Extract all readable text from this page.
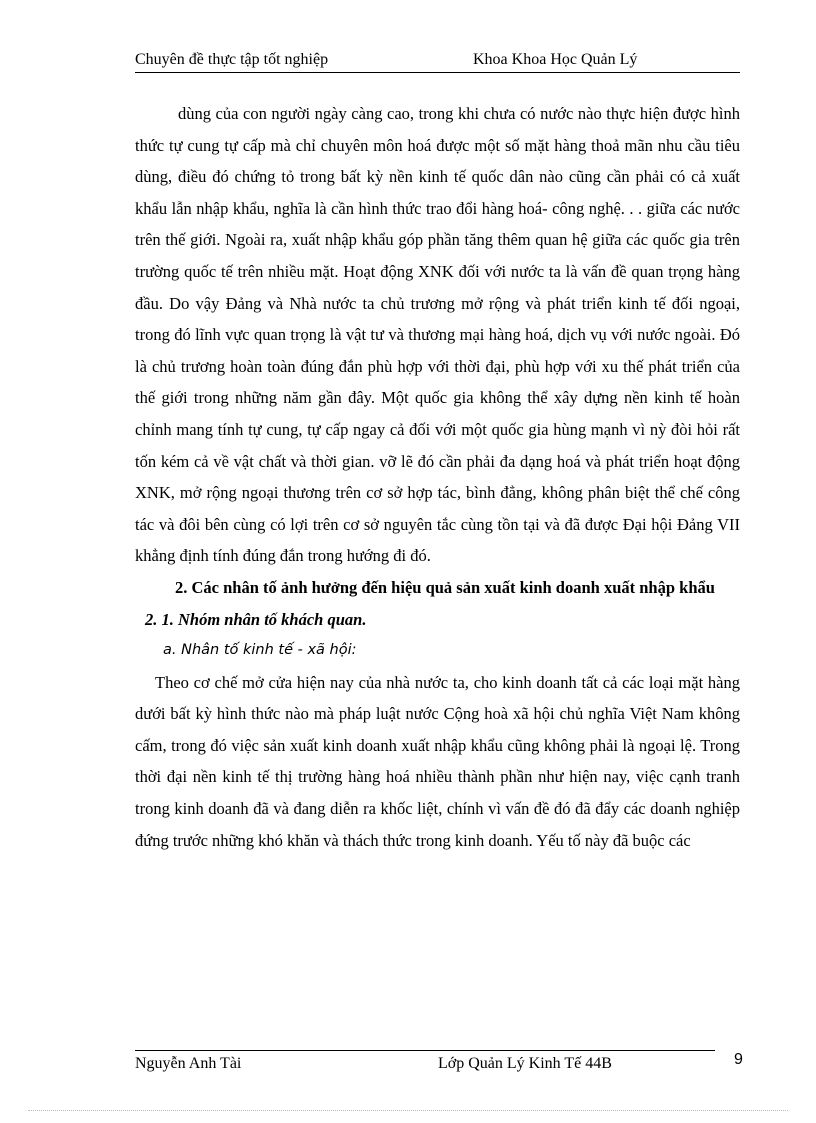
Chuyên đề thực tập tốt nghiệp	Khoa Khoa Học Quản Lý

dùng của con người ngày càng cao, trong khi chưa có nước nào thực hiện được hình thức tự cung tự cấp mà chỉ chuyên môn hoá được một số mặt hàng thoả mãn nhu cầu tiêu dùng, điều đó chứng tỏ trong bất kỳ nền kinh tế quốc dân nào cũng cần phải có cả xuất khẩu lẫn nhập khẩu, nghĩa là cần hình thức trao đổi hàng hoá- công nghệ. . . giữa các nước trên thế giới. Ngoài ra, xuất nhập khẩu góp phần tăng thêm quan hệ giữa các quốc gia trên trường quốc tế trên nhiều mặt. Hoạt động XNK đối với nước ta là vấn đề quan trọng hàng đầu. Do vậy Đảng và Nhà nước ta chủ trương mở rộng và phát triển kinh tế đối ngoại, trong đó lĩnh vực quan trọng là vật tư và thương mại hàng hoá, dịch vụ với nước ngoài. Đó là chủ trương hoàn toàn đúng đắn phù hợp với thời đại, phù hợp với xu thế phát triển của thế giới trong những năm gần đây. Một quốc gia không thể xây dựng nền kinh tế hoàn chỉnh mang tính tự cung, tự cấp ngay cả đối với một quốc gia hùng mạnh vì nỳ đòi hỏi rất tốn kém cả về vật chất và thời gian. vỡ lẽ đó cần phải đa dạng hoá và phát triển hoạt động XNK, mở rộng ngoại thương trên cơ sở hợp tác, bình đẳng, không phân biệt thể chế công tác và đôi bên cùng có lợi trên cơ sở nguyên tắc cùng tồn tại và đã được Đại hội Đảng VII khẳng định tính đúng đắn trong hướng đi đó.

2. Các nhân tố ảnh hưởng đến hiệu quả sản xuất kinh doanh xuất nhập khẩu

2. 1. Nhóm nhân tố khách quan.

a. Nhân tố kinh tế - xã hội:

Theo cơ chế mở cửa hiện nay của nhà nước ta, cho kinh doanh tất cả các loại mặt hàng dưới bất kỳ hình thức nào mà pháp luật nước Cộng hoà xã hội chủ nghĩa Việt Nam không cấm, trong đó việc sản xuất kinh doanh xuất nhập khẩu cũng không phải là ngoại lệ. Trong thời đại nền kinh tế thị trường hàng hoá nhiều thành phần như hiện nay, việc cạnh tranh trong kinh doanh đã và đang diễn ra khốc liệt, chính vì vấn đề đó đã đẩy các doanh nghiệp đứng trước những khó khăn và thách thức trong kinh doanh. Yếu tố này đã buộc các

Nguyễn Anh Tài	Lớp Quản Lý Kinh Tế 44B	9
